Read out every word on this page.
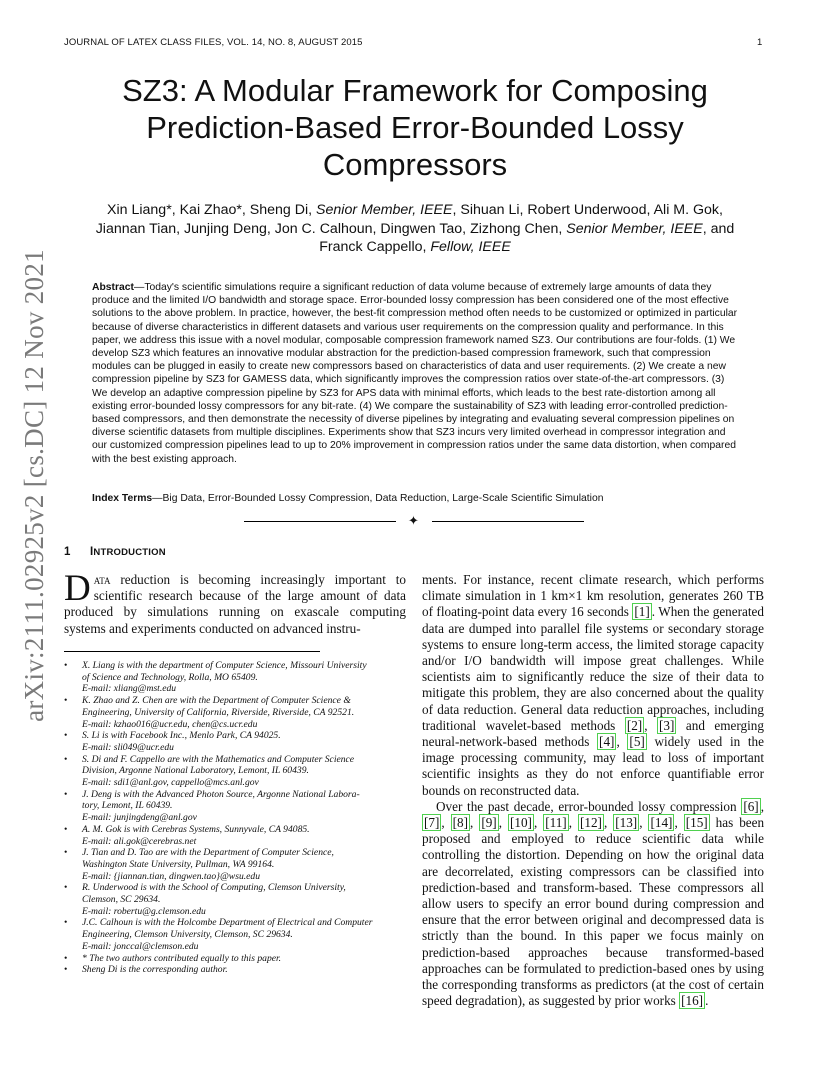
JOURNAL OF LATEX CLASS FILES, VOL. 14, NO. 8, AUGUST 2015	1
arXiv:2111.02925v2 [cs.DC] 12 Nov 2021
SZ3: A Modular Framework for Composing Prediction-Based Error-Bounded Lossy Compressors
Xin Liang*, Kai Zhao*, Sheng Di, Senior Member, IEEE, Sihuan Li, Robert Underwood, Ali M. Gok, Jiannan Tian, Junjing Deng, Jon C. Calhoun, Dingwen Tao, Zizhong Chen, Senior Member, IEEE, and Franck Cappello, Fellow, IEEE
Abstract—Today's scientific simulations require a significant reduction of data volume because of extremely large amounts of data they produce and the limited I/O bandwidth and storage space. Error-bounded lossy compression has been considered one of the most effective solutions to the above problem. In practice, however, the best-fit compression method often needs to be customized or optimized in particular because of diverse characteristics in different datasets and various user requirements on the compression quality and performance. In this paper, we address this issue with a novel modular, composable compression framework named SZ3. Our contributions are four-folds. (1) We develop SZ3 which features an innovative modular abstraction for the prediction-based compression framework, such that compression modules can be plugged in easily to create new compressors based on characteristics of data and user requirements. (2) We create a new compression pipeline by SZ3 for GAMESS data, which significantly improves the compression ratios over state-of-the-art compressors. (3) We develop an adaptive compression pipeline by SZ3 for APS data with minimal efforts, which leads to the best rate-distortion among all existing error-bounded lossy compressors for any bit-rate. (4) We compare the sustainability of SZ3 with leading error-controlled prediction-based compressors, and then demonstrate the necessity of diverse pipelines by integrating and evaluating several compression pipelines on diverse scientific datasets from multiple disciplines. Experiments show that SZ3 incurs very limited overhead in compressor integration and our customized compression pipelines lead to up to 20% improvement in compression ratios under the same data distortion, when compared with the best existing approach.
Index Terms—Big Data, Error-Bounded Lossy Compression, Data Reduction, Large-Scale Scientific Simulation
✦
1 INTRODUCTION
Data reduction is becoming increasingly important to scientific research because of the large amount of data produced by simulations running on exascale computing systems and experiments conducted on advanced instru-
• X. Liang is with the department of Computer Science, Missouri University
of Science and Technology, Rolla, MO 65409.
E-mail: xliang@mst.edu
• K. Zhao and Z. Chen are with the Department of Computer Science &
Engineering, University of California, Riverside, Riverside, CA 92521.
E-mail: kzhao016@ucr.edu, chen@cs.ucr.edu
• S. Li is with Facebook Inc., Menlo Park, CA 94025.
E-mail: sli049@ucr.edu
• S. Di and F. Cappello are with the Mathematics and Computer Science
Division, Argonne National Laboratory, Lemont, IL 60439.
E-mail: sdi1@anl.gov, cappello@mcs.anl.gov
• J. Deng is with the Advanced Photon Source, Argonne National Labora-
tory, Lemont, IL 60439.
E-mail: junjingdeng@anl.gov
• A. M. Gok is with Cerebras Systems, Sunnyvale, CA 94085.
E-mail: ali.gok@cerebras.net
• J. Tian and D. Tao are with the Department of Computer Science,
Washington State University, Pullman, WA 99164.
E-mail: {jiannan.tian, dingwen.tao}@wsu.edu
• R. Underwood is with the School of Computing, Clemson University,
Clemson, SC 29634.
E-mail: robertu@g.clemson.edu
• J.C. Calhoun is with the Holcombe Department of Electrical and Computer
Engineering, Clemson University, Clemson, SC 29634.
E-mail: jonccal@clemson.edu
• * The two authors contributed equally to this paper.
• Sheng Di is the corresponding author.

ments. For instance, recent climate research, which performs climate simulation in 1 km×1 km resolution, generates 260 TB of floating-point data every 16 seconds [1] . When the generated data are dumped into parallel file systems or secondary storage systems to ensure long-term access, the limited storage capacity and/or I/O bandwidth will impose great challenges. While scientists aim to significantly reduce the size of their data to mitigate this problem, they are also concerned about the quality of data reduction. General data reduction approaches, including traditional wavelet-based methods [2] , [3] and emerging neural-network-based methods [4] , [5] widely used in the image processing community, may lead to loss of important scientific insights as they do not enforce quantifiable error bounds on reconstructed data.

Over the past decade, error-bounded lossy compression [6] , [7] , [8] , [9] , [10] , [11] , [12] , [13] , [14] , [15] has been proposed and employed to reduce scientific data while controlling the distortion. Depending on how the original data are decorrelated, existing compressors can be classified into prediction-based and transform-based. These compressors all allow users to specify an error bound during compression and ensure that the error between original and decompressed data is strictly than the bound. In this paper we focus mainly on prediction-based approaches because transformed-based approaches can be formulated to prediction-based ones by using the corresponding transforms as predictors (at the cost of certain speed degradation), as suggested by prior works [16] .
